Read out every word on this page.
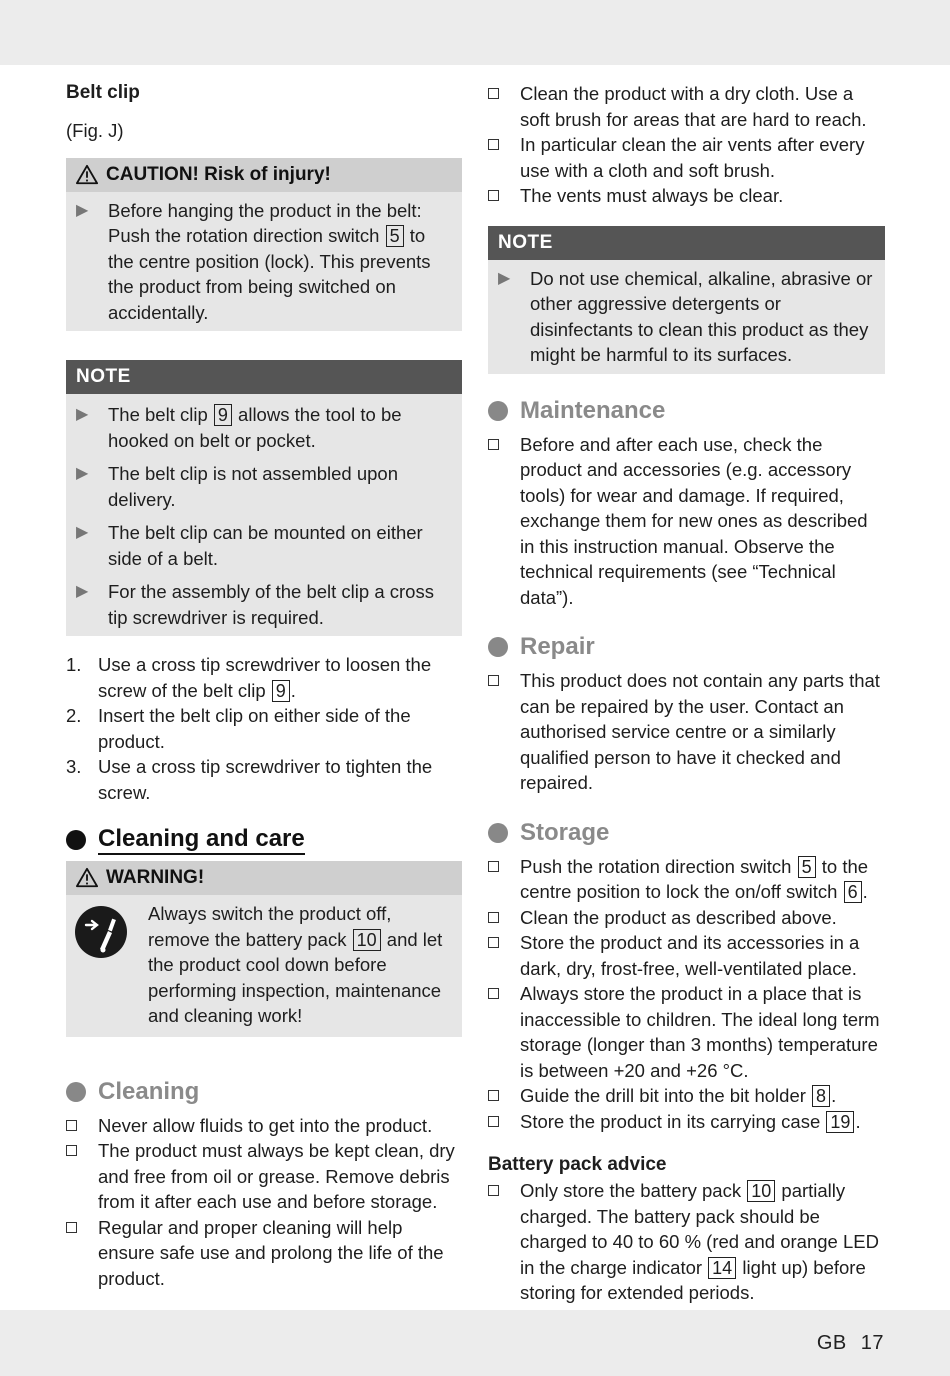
Belt clip

(Fig. J)

CAUTION! Risk of injury!
▶	Before hanging the product in the belt: Push the rotation direction switch 5 to the centre position (lock). This prevents the product from being switched on accidentally.
NOTE
▶	The belt clip 9 allows the tool to be hooked on belt or pocket.
▶	The belt clip is not assembled upon delivery.
▶	The belt clip can be mounted on either side of a belt.
▶	For the assembly of the belt clip a cross tip screwdriver is required.
1. Use a cross tip screwdriver to loosen the screw of the belt clip 9 .
2. Insert the belt clip on either side of the product.
3. Use a cross tip screwdriver to tighten the screw.
Cleaning and care
WARNING!
Always switch the product off, remove the battery pack 10 and let the product cool down before performing inspection, maintenance and cleaning work!
Cleaning
Never allow fluids to get into the product.
The product must always be kept clean, dry and free from oil or grease. Remove debris from it after each use and before storage.
Regular and proper cleaning will help ensure safe use and prolong the life of the product.
Clean the product with a dry cloth. Use a soft brush for areas that are hard to reach.
In particular clean the air vents after every use with a cloth and soft brush.
The vents must always be clear.
NOTE
▶	Do not use chemical, alkaline, abrasive or other aggressive detergents or disinfectants to clean this product as they might be harmful to its surfaces.
Maintenance
Before and after each use, check the product and accessories (e.g. accessory tools) for wear and damage. If required, exchange them for new ones as described in this instruction manual. Observe the technical requirements (see “Technical data”).
Repair
This product does not contain any parts that can be repaired by the user. Contact an authorised service centre or a similarly qualified person to have it checked and repaired.
Storage
Push the rotation direction switch 5 to the centre position to lock the on/off switch 6 .
Clean the product as described above.
Store the product and its accessories in a dark, dry, frost-free, well-ventilated place.
Always store the product in a place that is inaccessible to children. The ideal long term storage (longer than 3 months) temperature is between +20 and +26 °C.
Guide the drill bit into the bit holder 8 .
Store the product in its carrying case 19 .
Battery pack advice
Only store the battery pack 10 partially charged. The battery pack should be charged to 40 to 60 % (red and orange LED in the charge indicator 14 light up) before storing for extended periods.
GB 17
